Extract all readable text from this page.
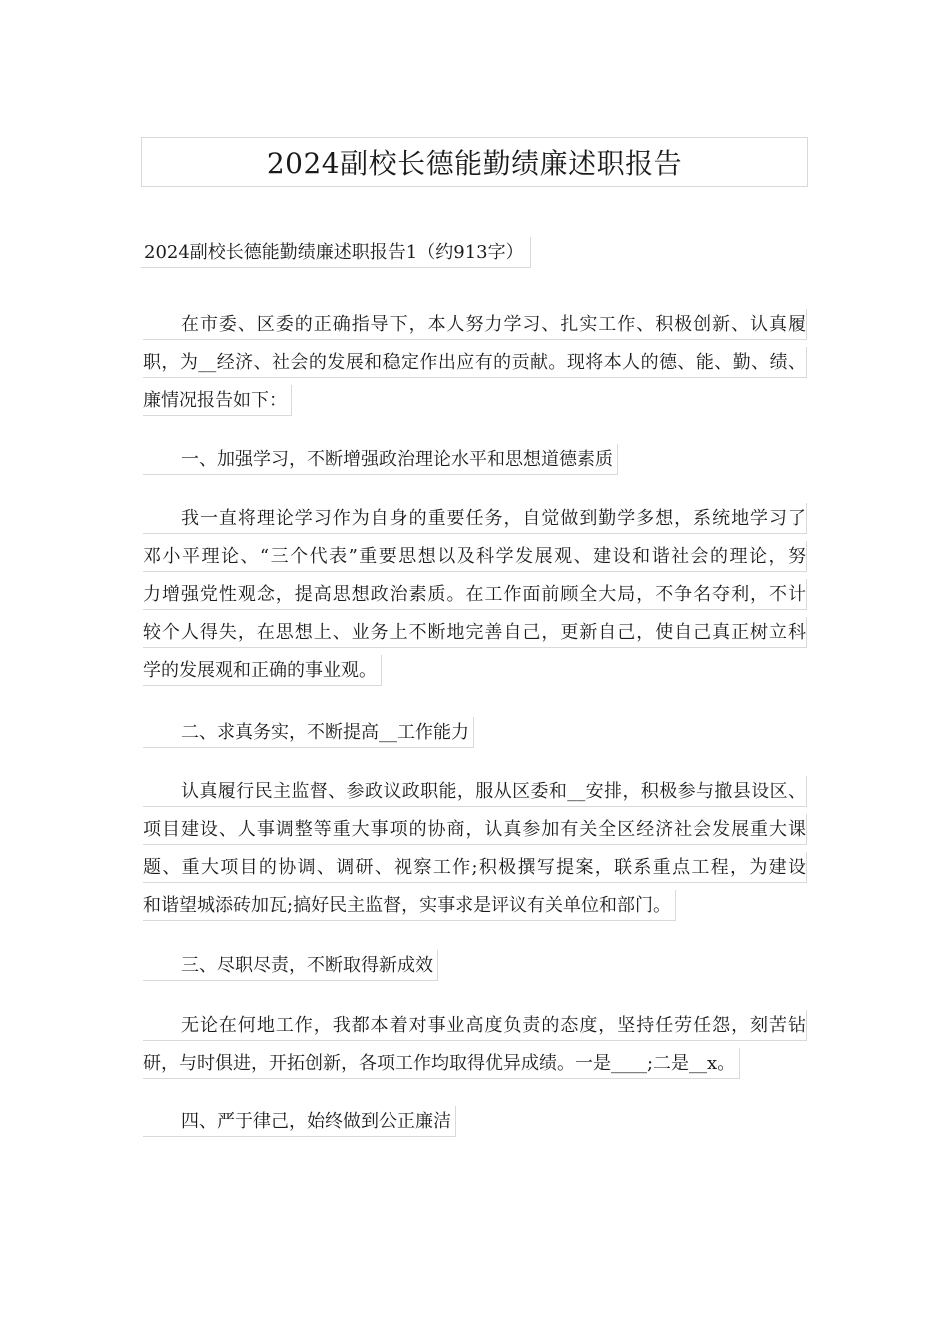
2024副校长德能勤绩廉述职报告
2024副校长德能勤绩廉述职报告1（约913字）
在市委、区委的正确指导下，本人努力学习、扎实工作、积极创新、认真履
职，为__经济、社会的发展和稳定作出应有的贡献。现将本人的德、能、勤、绩、
廉情况报告如下：
一、加强学习，不断增强政治理论水平和思想道德素质
我一直将理论学习作为自身的重要任务，自觉做到勤学多想，系统地学习了
邓小平理论、“三个代表”重要思想以及科学发展观、建设和谐社会的理论，努
力增强党性观念，提高思想政治素质。在工作面前顾全大局，不争名夺利，不计
较个人得失，在思想上、业务上不断地完善自己，更新自己，使自己真正树立科
学的发展观和正确的事业观。
二、求真务实，不断提高__工作能力
认真履行民主监督、参政议政职能，服从区委和__安排，积极参与撤县设区、
项目建设、人事调整等重大事项的协商，认真参加有关全区经济社会发展重大课
题、重大项目的协调、调研、视察工作;积极撰写提案，联系重点工程，为建设
和谐望城添砖加瓦;搞好民主监督，实事求是评议有关单位和部门。
三、尽职尽责，不断取得新成效
无论在何地工作，我都本着对事业高度负责的态度，坚持任劳任怨，刻苦钻
研，与时俱进，开拓创新，各项工作均取得优异成绩。一是____;二是__x。
四、严于律己，始终做到公正廉洁
